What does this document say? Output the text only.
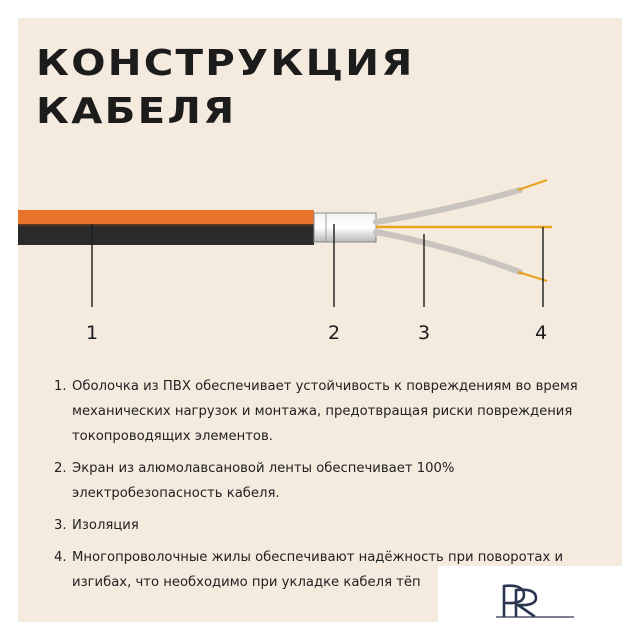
КОНСТРУКЦИЯ
КАБЕЛЯ
1	2	3	4
1. Оболочка из ПВХ обеспечивает устойчивость к повреждениям во время механических нагрузок и монтажа, предотвращая риски повреждения токопроводящих элементов.
2. Экран из алюмолавсановой ленты обеспечивает 100% электробезопасность кабеля.
3. Изоляция
4. Многопроволочные жилы обеспечивают надёжность при поворотах и изгибах, что необходимо при укладке кабеля тёп
